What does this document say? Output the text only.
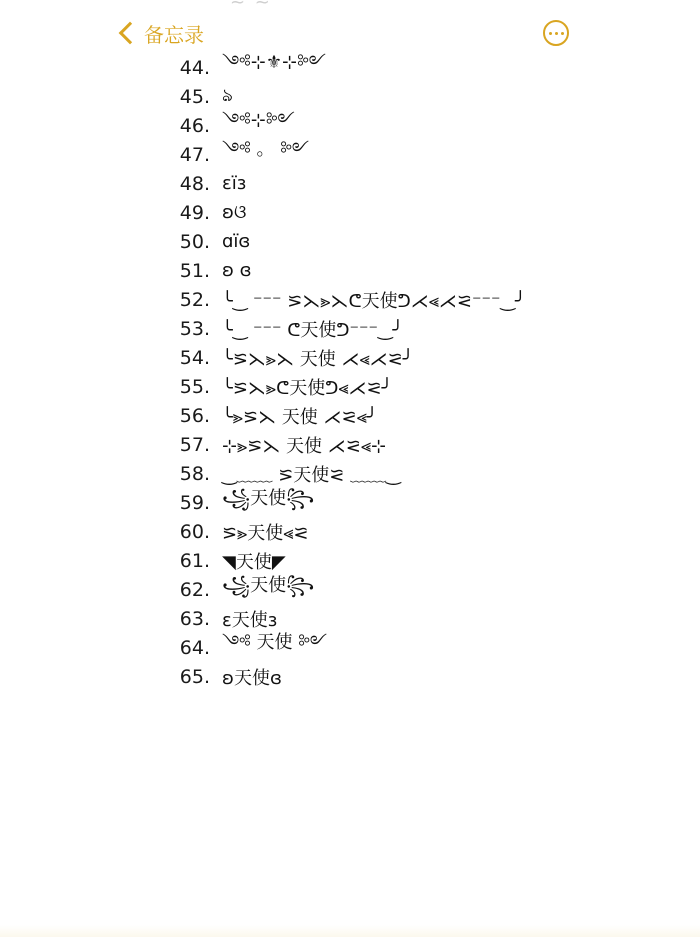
~ ~
备忘录
44. ༺⊹⚜⊹༻
45. ঌ
46. ༺⊹༻
47. ༺ 。 ༻
48. ɛïɜ
49. ʚଓ
50. ɑïɞ
51. ʚ ɞ
52. ╰‿ ⁻⁻⁻ ⪞⋋⪢⋋ᕦ天使ᕤ⋌⪡⋌⪝⁻⁻⁻‿╯
53. ╰‿ ⁻⁻⁻ ᕦ天使ᕤ⁻⁻⁻‿╯
54. ╰⪞⋋⪢⋋ 天使 ⋌⪡⋌⪝╯
55. ╰⪞⋋⪢ᕦ天使ᕤ⪡⋌⪝╯
56. ╰⪢⪞⋋ 天使 ⋌⪝⪡╯
57. ⊹⪢⪞⋋ 天使 ⋌⪝⪡⊹
58. ‿﹏﹏ ⪞天使⪝ ﹏﹏‿
59. ꧁天使꧂
60. ⪞⪢天使⪡⪝
61. ◥天使◤
62. ꧁天使꧂
63. ɛ天使ɜ
64. ༺ 天使 ༻
65. ʚ天使ɞ
